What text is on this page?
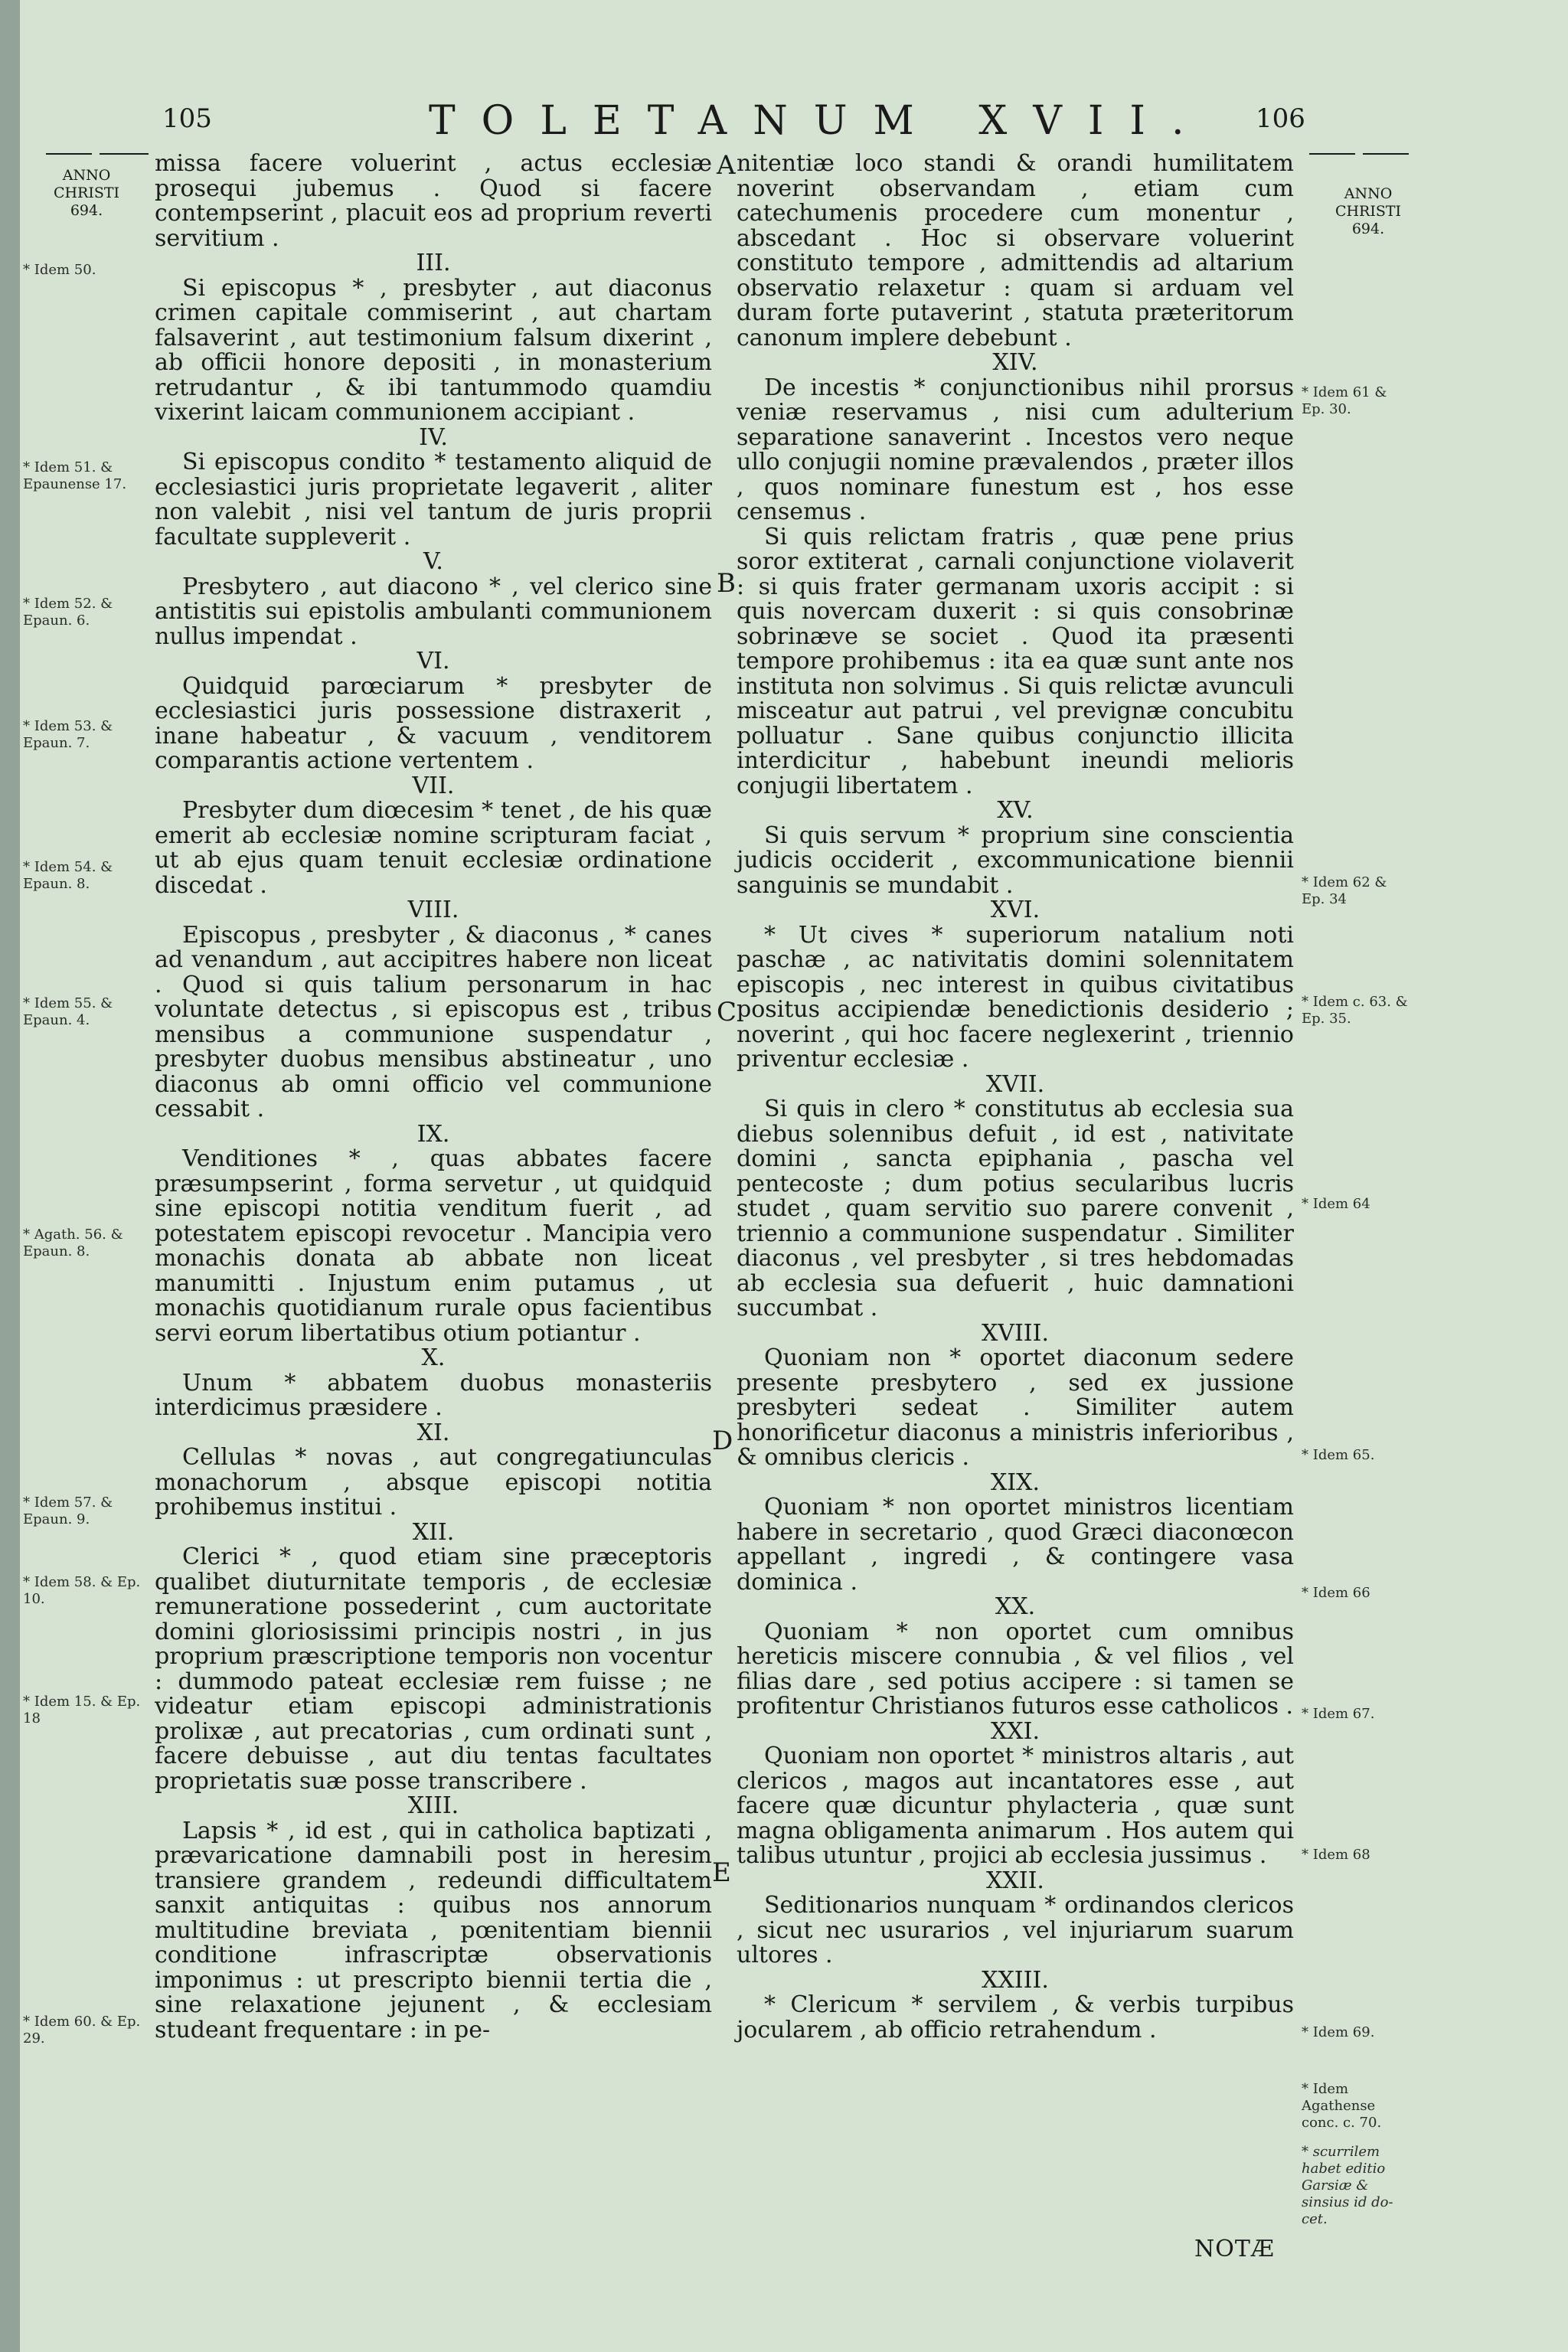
105	TOLETANUM XVII. 106
ANNO
CHRISTI
694.
ANNO
CHRISTI
694.

missa facere voluerint , actus ecclesiæ prosequi jubemus . Quod si facere contempserint , placuit eos ad proprium reverti servitium .

III.

Si episcopus * , presbyter , aut diaconus crimen capitale commiserint , aut chartam falsaverint , aut testimonium falsum dixerint , ab officii honore depositi , in monasterium retrudantur , & ibi tantummodo quamdiu vixerint laicam communionem accipiant .

IV.

Si episcopus condito * testamento aliquid de ecclesiastici juris proprietate legaverit , aliter non valebit , nisi vel tantum de juris proprii facultate suppleverit .

V.

Presbytero , aut diacono * , vel clerico sine antistitis sui epistolis ambulanti communionem nullus impendat .

VI.

Quidquid parœciarum * presbyter de ecclesiastici juris possessione distraxerit , inane habeatur , & vacuum , venditorem comparantis actione vertentem .

VII.

Presbyter dum diœcesim * tenet , de his quæ emerit ab ecclesiæ nomine scripturam faciat , ut ab ejus quam tenuit ecclesiæ ordinatione discedat .

VIII.

Episcopus , presbyter , & diaconus , * canes ad venandum , aut accipitres habere non liceat . Quod si quis talium personarum in hac voluntate detectus , si episcopus est , tribus mensibus a communione suspendatur , presbyter duobus mensibus abstineatur , uno diaconus ab omni officio vel communione cessabit .

IX.

Venditiones * , quas abbates facere præsumpserint , forma servetur , ut quidquid sine episcopi notitia venditum fuerit , ad potestatem episcopi revocetur . Mancipia vero monachis donata ab abbate non liceat manumitti . Injustum enim putamus , ut monachis quotidianum rurale opus facientibus servi eorum libertatibus otium potiantur .

X.

Unum * abbatem duobus monasteriis interdicimus præsidere .

XI.

Cellulas * novas , aut congregatiunculas monachorum , absque episcopi notitia prohibemus institui .

XII.

Clerici * , quod etiam sine præceptoris qualibet diuturnitate temporis , de ecclesiæ remuneratione possederint , cum auctoritate domini gloriosissimi principis nostri , in jus proprium præscriptione temporis non vocentur : dummodo pateat ecclesiæ rem fuisse ; ne videatur etiam episcopi administrationis prolixæ , aut precatorias , cum ordinati sunt , facere debuisse , aut diu tentas facultates proprietatis suæ posse transcribere .

XIII.

Lapsis * , id est , qui in catholica baptizati , prævaricatione damnabili post in heresim transiere grandem , redeundi difficultatem sanxit antiquitas : quibus nos annorum multitudine breviata , pœnitentiam biennii conditione infrascriptæ observationis imponimus : ut prescripto biennii tertia die , sine relaxatione jejunent , & ecclesiam studeant frequentare : in pe-

nitentiæ loco standi & orandi humilitatem noverint observandam , etiam cum catechumenis procedere cum monentur , abscedant . Hoc si observare voluerint constituto tempore , admittendis ad altarium observatio relaxetur : quam si arduam vel duram forte putaverint , statuta præteritorum canonum implere debebunt .

XIV.

De incestis * conjunctionibus nihil prorsus veniæ reservamus , nisi cum adulterium separatione sanaverint . Incestos vero neque ullo conjugii nomine prævalendos , præter illos , quos nominare funestum est , hos esse censemus .

Si quis relictam fratris , quæ pene prius soror extiterat , carnali conjunctione violaverit : si quis frater germanam uxoris accipit : si quis novercam duxerit : si quis consobrinæ sobrinæve se societ . Quod ita præsenti tempore prohibemus : ita ea quæ sunt ante nos instituta non solvimus . Si quis relictæ avunculi misceatur aut patrui , vel prevignæ concubitu polluatur . Sane quibus conjunctio illicita interdicitur , habebunt ineundi melioris conjugii libertatem .

XV.

Si quis servum * proprium sine conscientia judicis occiderit , excommunicatione biennii sanguinis se mundabit .

XVI.

* Ut cives * superiorum natalium noti paschæ , ac nativitatis domini solennitatem episcopis , nec interest in quibus civitatibus positus accipiendæ benedictionis desiderio ; noverint , qui hoc facere neglexerint , triennio priventur ecclesiæ .

XVII.

Si quis in clero * constitutus ab ecclesia sua diebus solennibus defuit , id est , nativitate domini , sancta epiphania , pascha vel pentecoste ; dum potius secularibus lucris studet , quam servitio suo parere convenit , triennio a communione suspendatur . Similiter diaconus , vel presbyter , si tres hebdomadas ab ecclesia sua defuerit , huic damnationi succumbat .

XVIII.

Quoniam non * oportet diaconum sedere presente presbytero , sed ex jussione presbyteri sedeat . Similiter autem honorificetur diaconus a ministris inferioribus , & omnibus clericis .

XIX.

Quoniam * non oportet ministros licentiam habere in secretario , quod Græci diaconœcon appellant , ingredi , & contingere vasa dominica .

XX.

Quoniam * non oportet cum omnibus hereticis miscere connubia , & vel filios , vel filias dare , sed potius accipere : si tamen se profitentur Christianos futuros esse catholicos .

XXI.

Quoniam non oportet * ministros altaris , aut clericos , magos aut incantatores esse , aut facere quæ dicuntur phylacteria , quæ sunt magna obligamenta animarum . Hos autem qui talibus utuntur , projici ab ecclesia jussimus .

XXII.

Seditionarios nunquam * ordinandos clericos , sicut nec usurarios , vel injuriarum suarum ultores .

XXIII.

* Clericum * servilem , & verbis turpibus jocularem , ab officio retrahendum .

* Idem 50.
* Idem 51. & Epaunense 17.
* Idem 52. & Epaun. 6.
* Idem 53. & Epaun. 7.
* Idem 54. & Epaun. 8.
* Idem 55. & Epaun. 4.
* Agath. 56. & Epaun. 8.
* Idem 57. & Epaun. 9.
* Idem 58. & Ep. 10.
* Idem 15. & Ep. 18
* Idem 60. & Ep. 29.
* Idem 61 & Ep. 30.
* Idem 62 & Ep. 34
* Idem c. 63. & Ep. 35.
* Idem 64
* Idem 65.
* Idem 66
* Idem 67.
* Idem 68
* Idem 69.
* Idem Agathense conc. c. 70.
* scurrilem habet editio Garsiæ & sinsius id do- cet.
A
B
C
D
E
NOTÆ
